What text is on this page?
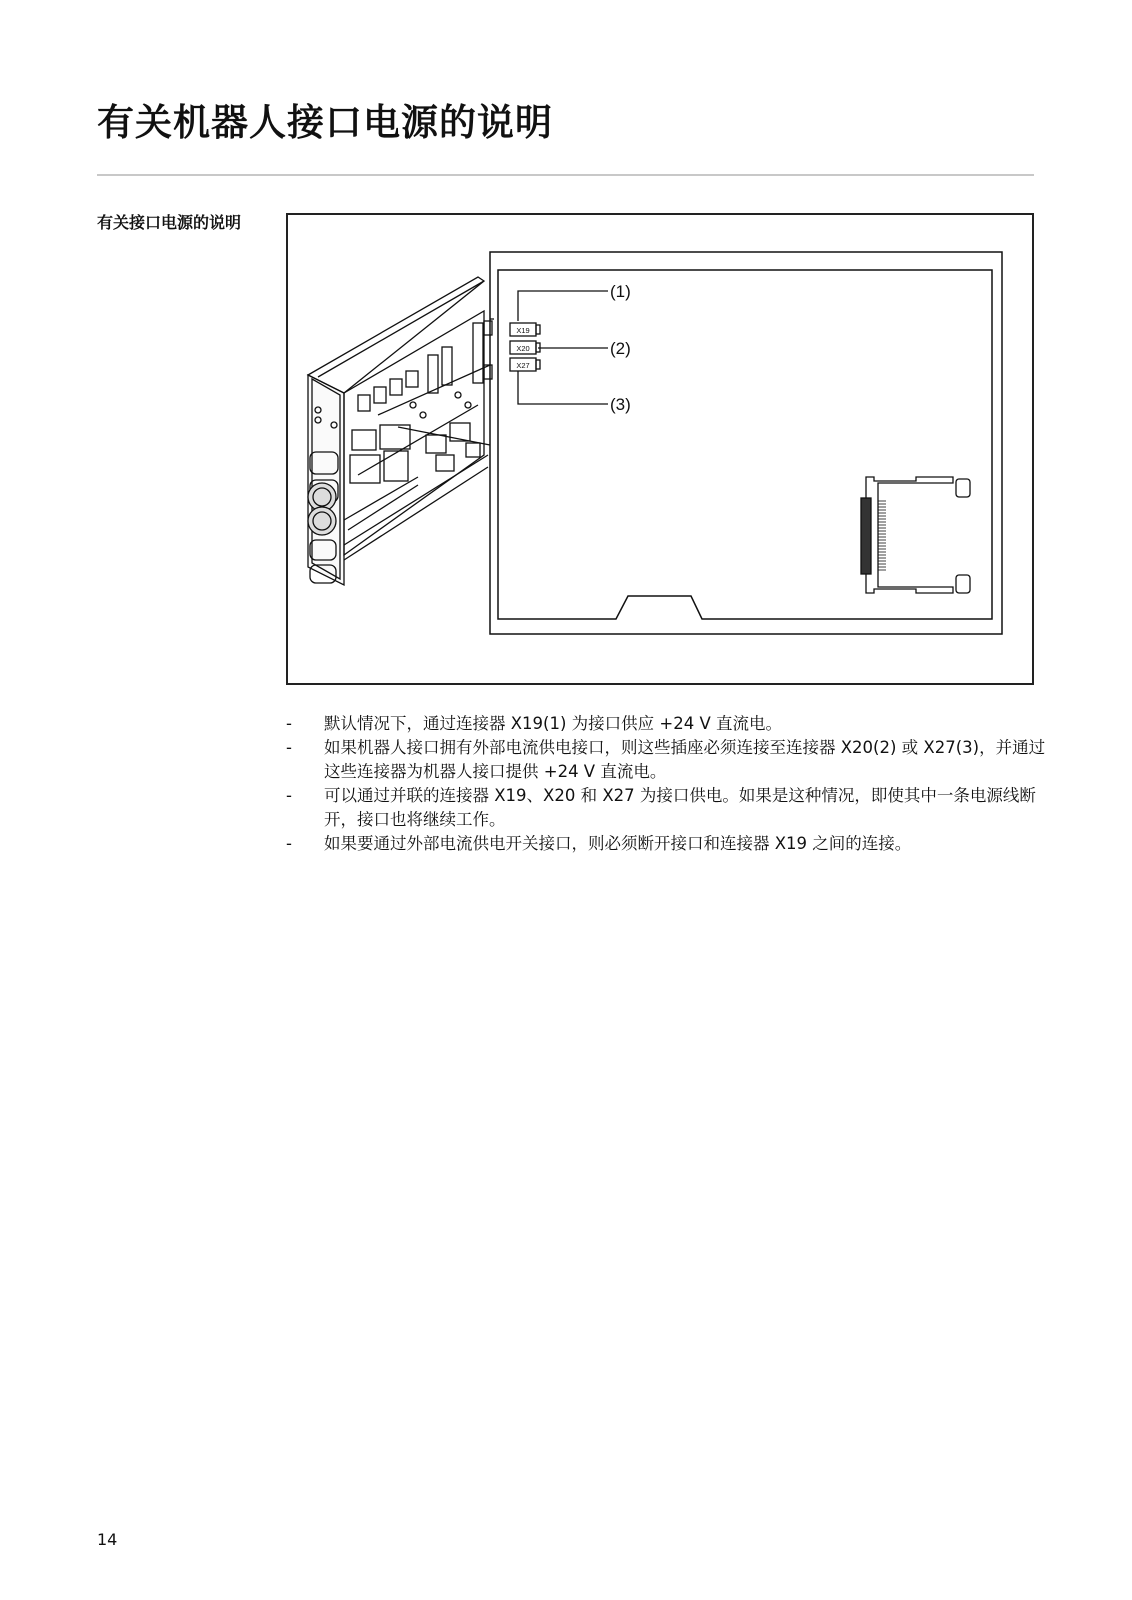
有关机器人接口电源的说明
有关接口电源的说明
X19
X20
X27
(1)
(2)
(3)
- 默认情况下，通过连接器 X19(1) 为接口供应 +24 V 直流电。
- 如果机器人接口拥有外部电流供电接口，则这些插座必须连接至连接器 X20(2) 或 X27(3)，并通过这些连接器为机器人接口提供 +24 V 直流电。
- 可以通过并联的连接器 X19、X20 和 X27 为接口供电。如果是这种情况，即使其中一条电源线断开，接口也将继续工作。
- 如果要通过外部电流供电开关接口，则必须断开接口和连接器 X19 之间的连接。
14
